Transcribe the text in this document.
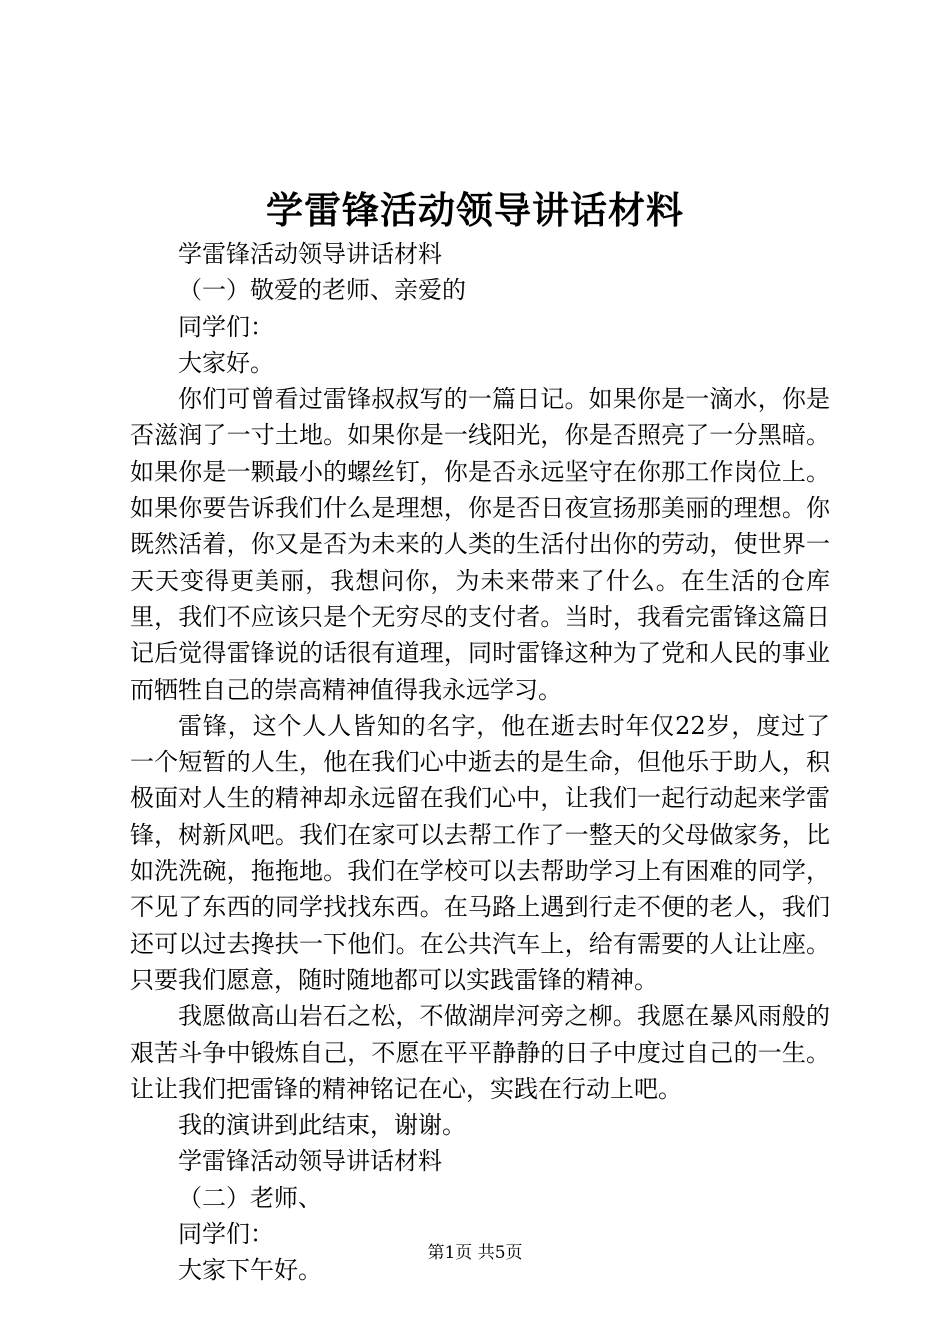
学雷锋活动领导讲话材料

学雷锋活动领导讲话材料

（一）敬爱的老师、亲爱的

同学们：

大家好。

你们可曾看过雷锋叔叔写的一篇日记。如果你是一滴水，你是否滋润了一寸土地。如果你是一线阳光，你是否照亮了一分黑暗。如果你是一颗最小的螺丝钉，你是否永远坚守在你那工作岗位上。如果你要告诉我们什么是理想，你是否日夜宣扬那美丽的理想。你既然活着，你又是否为未来的人类的生活付出你的劳动，使世界一天天变得更美丽，我想问你，为未来带来了什么。在生活的仓库里，我们不应该只是个无穷尽的支付者。当时，我看完雷锋这篇日记后觉得雷锋说的话很有道理，同时雷锋这种为了党和人民的事业而牺牲自己的崇高精神值得我永远学习。

雷锋，这个人人皆知的名字，他在逝去时年仅22岁，度过了一个短暂的人生，他在我们心中逝去的是生命，但他乐于助人，积极面对人生的精神却永远留在我们心中，让我们一起行动起来学雷锋，树新风吧。我们在家可以去帮工作了一整天的父母做家务，比如洗洗碗，拖拖地。我们在学校可以去帮助学习上有困难的同学，不见了东西的同学找找东西。在马路上遇到行走不便的老人，我们还可以过去搀扶一下他们。在公共汽车上，给有需要的人让让座。只要我们愿意，随时随地都可以实践雷锋的精神。

我愿做高山岩石之松，不做湖岸河旁之柳。我愿在暴风雨般的艰苦斗争中锻炼自己，不愿在平平静静的日子中度过自己的一生。让让我们把雷锋的精神铭记在心，实践在行动上吧。

我的演讲到此结束，谢谢。

学雷锋活动领导讲话材料

（二）老师、

同学们：

大家下午好。

第1页 共5页
